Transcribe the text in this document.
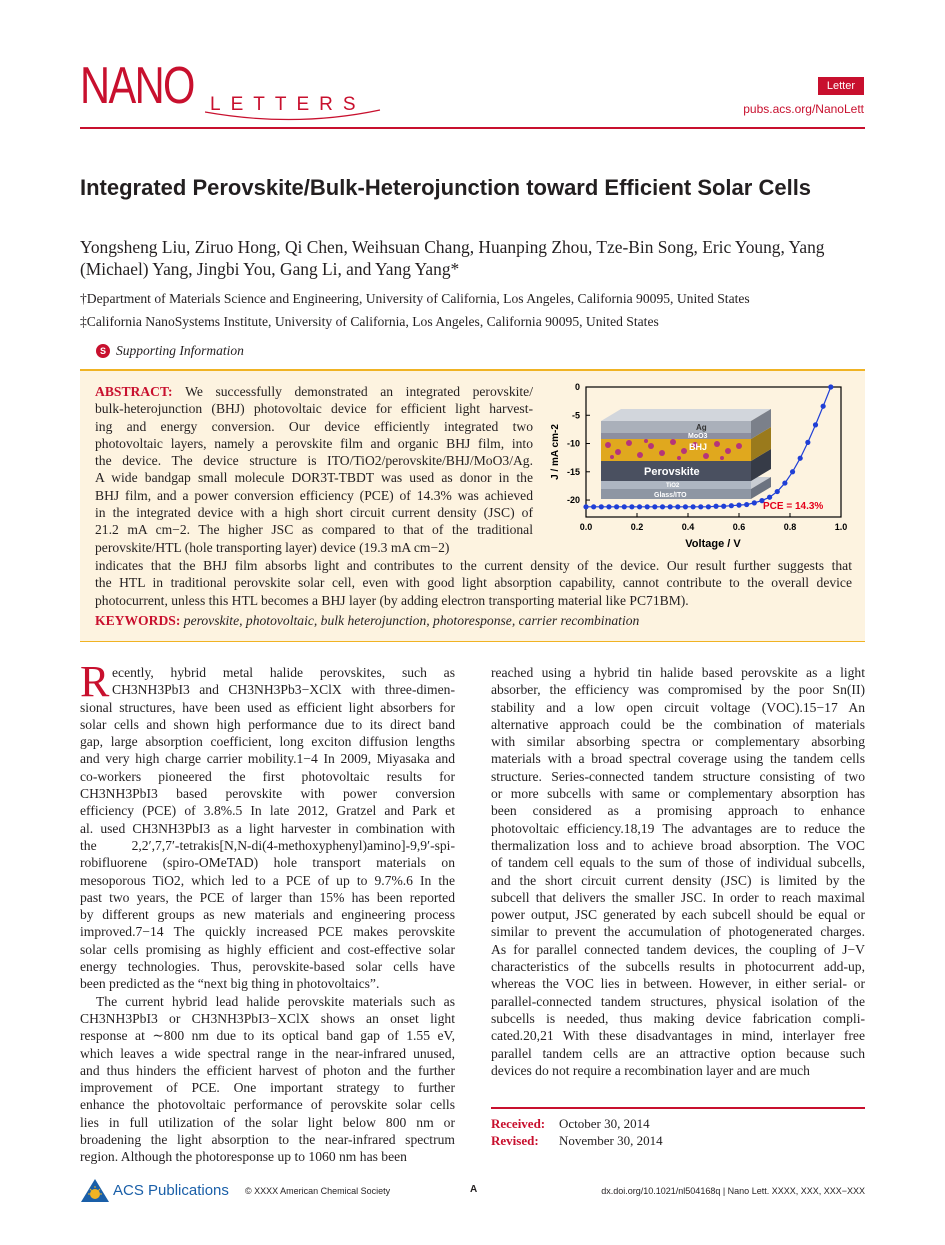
NANO LETTERS
Letter
pubs.acs.org/NanoLett
Integrated Perovskite/Bulk-Heterojunction toward Efficient Solar Cells
Yongsheng Liu, Ziruo Hong, Qi Chen, Weihsuan Chang, Huanping Zhou, Tze-Bin Song, Eric Young, Yang (Michael) Yang, Jingbi You, Gang Li, and Yang Yang*
†Department of Materials Science and Engineering, University of California, Los Angeles, California 90095, United States
‡California NanoSystems Institute, University of California, Los Angeles, California 90095, United States
S Supporting Information
ABSTRACT: We successfully demonstrated an integrated perovskite/
bulk-heterojunction (BHJ) photovoltaic device for efficient light harvest-
ing and energy conversion. Our device efficiently integrated two
photovoltaic layers, namely a perovskite film and organic BHJ film, into
the device. The device structure is ITO/TiO2/perovskite/BHJ/MoO3/Ag.
A wide bandgap small molecule DOR3T-TBDT was used as donor in the
BHJ film, and a power conversion efficiency (PCE) of 14.3% was achieved
in the integrated device with a high short circuit current density (JSC) of
21.2 mA cm−2. The higher JSC as compared to that of the traditional
perovskite/HTL (hole transporting layer) device (19.3 mA cm−2)
indicates that the BHJ film absorbs light and contributes to the current density of the device. Our result further suggests that
the HTL in traditional perovskite solar cell, even with good light absorption capability, cannot contribute to the overall device
photocurrent, unless this HTL becomes a BHJ layer (by adding electron transporting material like PC71BM).
KEYWORDS: perovskite, photovoltaic, bulk heterojunction, photoresponse, carrier recombination
0
-5
-10
-15
-20
0.0	0.2	0.4	0.6	0.8	1.0
J / mA cm-2
Voltage / V
Ag
MoO3
BHJ
Perovskite
TiO2
Glass/ITO
PCE = 14.3%
R ecently, hybrid metal halide perovskites, such as
CH3NH3PbI3 and CH3NH3Pb3−XClX with three-dimen-
sional structures, have been used as efficient light absorbers for
solar cells and shown high performance due to its direct band
gap, large absorption coefficient, long exciton diffusion lengths
and very high charge carrier mobility.1−4 In 2009, Miyasaka and
co-workers pioneered the first photovoltaic results for
CH3NH3PbI3 based perovskite with power conversion
efficiency (PCE) of 3.8%.5 In late 2012, Gratzel and Park et
al. used CH3NH3PbI3 as a light harvester in combination with
the 2,2′,7,7′-tetrakis[N,N-di(4-methoxyphenyl)amino]-9,9′-spi-
robifluorene (spiro-OMeTAD) hole transport materials on
mesoporous TiO2, which led to a PCE of up to 9.7%.6 In the
past two years, the PCE of larger than 15% has been reported
by different groups as new materials and engineering process
improved.7−14 The quickly increased PCE makes perovskite
solar cells promising as highly efficient and cost-effective solar
energy technologies. Thus, perovskite-based solar cells have
been predicted as the “next big thing in photovoltaics”.
The current hybrid lead halide perovskite materials such as
CH3NH3PbI3 or CH3NH3PbI3−XClX shows an onset light
response at ∼800 nm due to its optical band gap of 1.55 eV,
which leaves a wide spectral range in the near-infrared unused,
and thus hinders the efficient harvest of photon and the further
improvement of PCE. One important strategy to further
enhance the photovoltaic performance of perovskite solar cells
lies in full utilization of the solar light below 800 nm or
broadening the light absorption to the near-infrared spectrum
region. Although the photoresponse up to 1060 nm has been
reached using a hybrid tin halide based perovskite as a light
absorber, the efficiency was compromised by the poor Sn(II)
stability and a low open circuit voltage (VOC).15−17 An
alternative approach could be the combination of materials
with similar absorbing spectra or complementary absorbing
materials with a broad spectral coverage using the tandem cells
structure. Series-connected tandem structure consisting of two
or more subcells with same or complementary absorption has
been considered as a promising approach to enhance
photovoltaic efficiency.18,19 The advantages are to reduce the
thermalization loss and to achieve broad absorption. The VOC
of tandem cell equals to the sum of those of individual subcells,
and the short circuit current density (JSC) is limited by the
subcell that delivers the smaller JSC. In order to reach maximal
power output, JSC generated by each subcell should be equal or
similar to prevent the accumulation of photogenerated charges.
As for parallel connected tandem devices, the coupling of J−V
characteristics of the subcells results in photocurrent add-up,
whereas the VOC lies in between. However, in either serial- or
parallel-connected tandem structures, physical isolation of the
subcells is needed, thus making device fabrication compli-
cated.20,21 With these disadvantages in mind, interlayer free
parallel tandem cells are an attractive option because such
devices do not require a recombination layer and are much
Received: October 30, 2014
Revised: November 30, 2014
ACS Publications © XXXX American Chemical Society	A	dx.doi.org/10.1021/nl504168q | Nano Lett. XXXX, XXX, XXX−XXX
